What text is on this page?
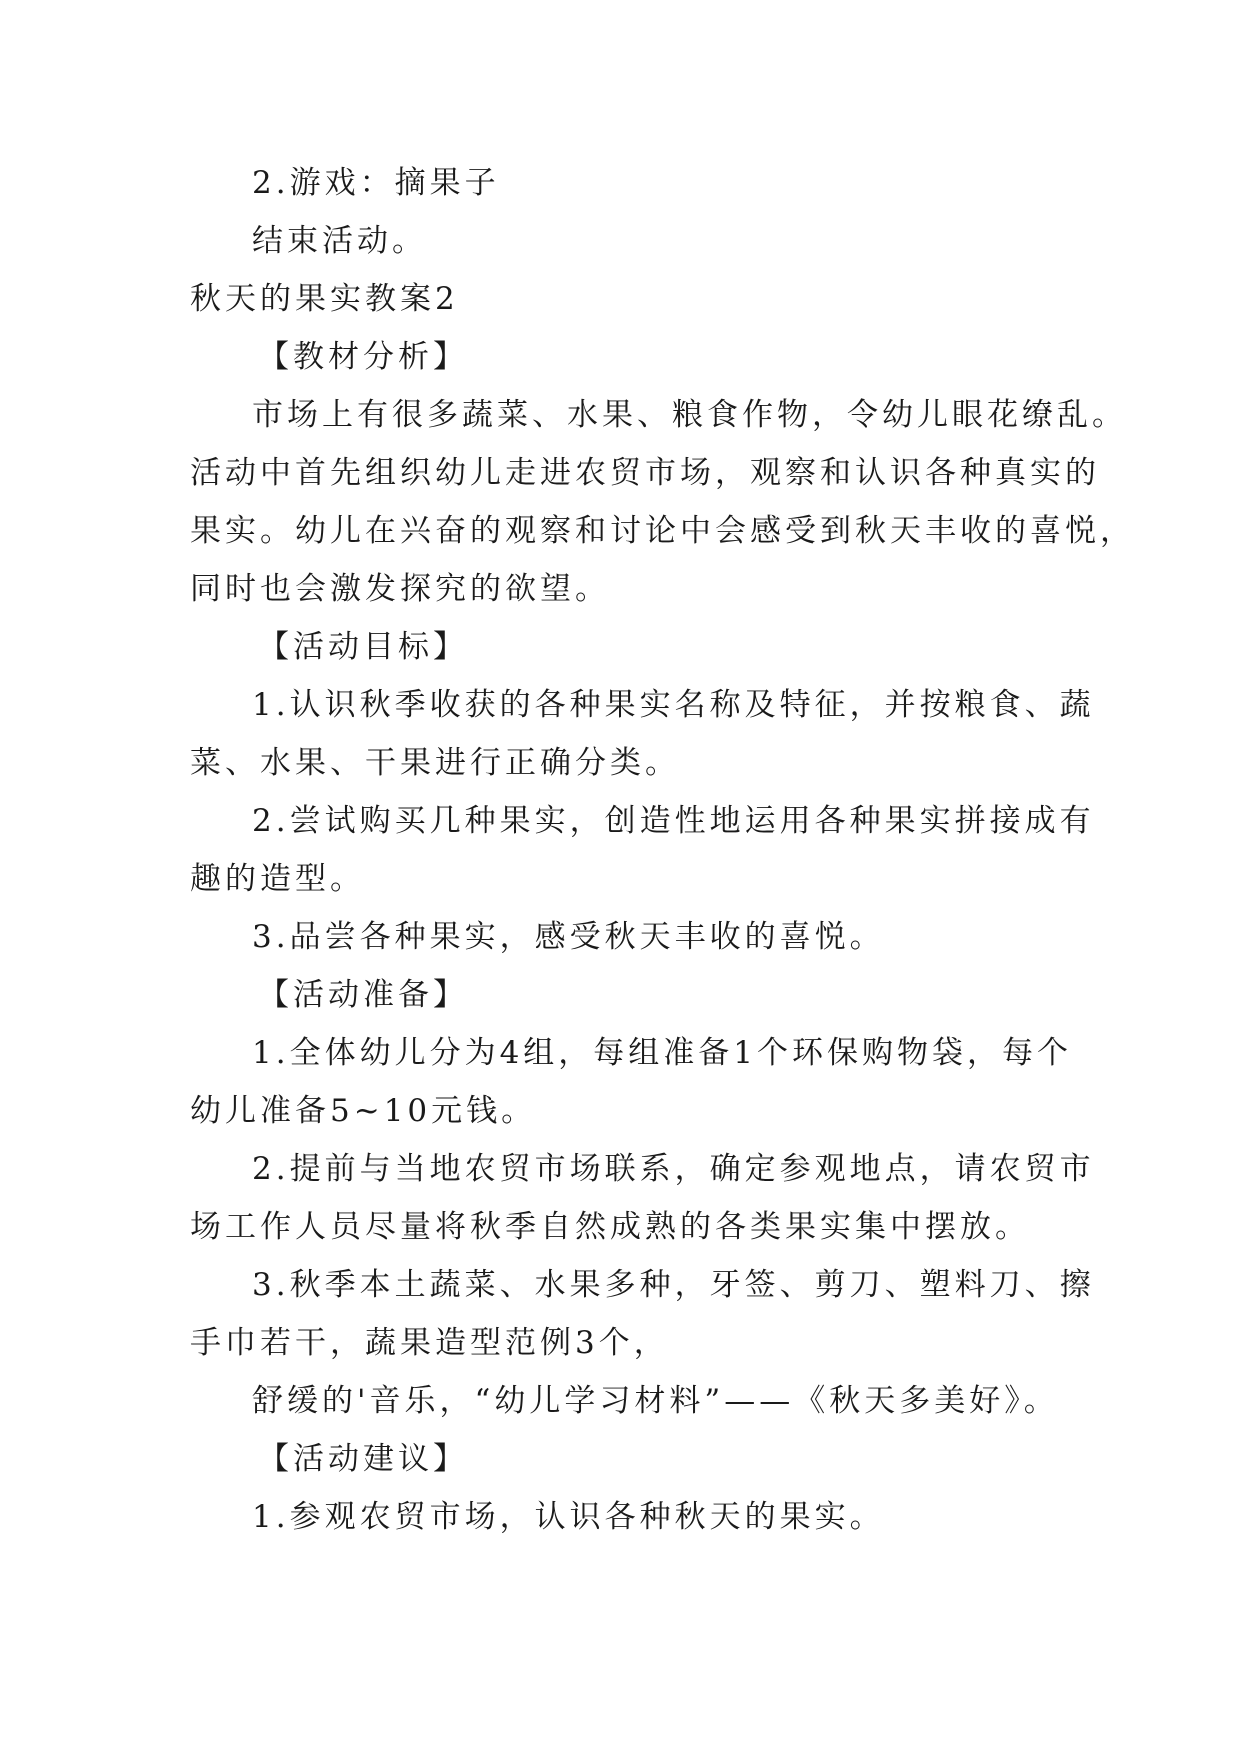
2.游戏：摘果子

结束活动。

秋天的果实教案2

【教材分析】

市场上有很多蔬菜、水果、粮食作物，令幼儿眼花缭乱。

活动中首先组织幼儿走进农贸市场，观察和认识各种真实的

果实。幼儿在兴奋的观察和讨论中会感受到秋天丰收的喜悦，

同时也会激发探究的欲望。

【活动目标】

1.认识秋季收获的各种果实名称及特征，并按粮食、蔬

菜、水果、干果进行正确分类。

2.尝试购买几种果实，创造性地运用各种果实拼接成有

趣的造型。

3.品尝各种果实，感受秋天丰收的喜悦。

【活动准备】

1.全体幼儿分为4组，每组准备1个环保购物袋，每个

幼儿准备5~10元钱。

2.提前与当地农贸市场联系，确定参观地点，请农贸市

场工作人员尽量将秋季自然成熟的各类果实集中摆放。

3.秋季本土蔬菜、水果多种，牙签、剪刀、塑料刀、擦

手巾若干，蔬果造型范例3个，

舒缓的'音乐，“幼儿学习材料”——《秋天多美好》。

【活动建议】

1.参观农贸市场，认识各种秋天的果实。
